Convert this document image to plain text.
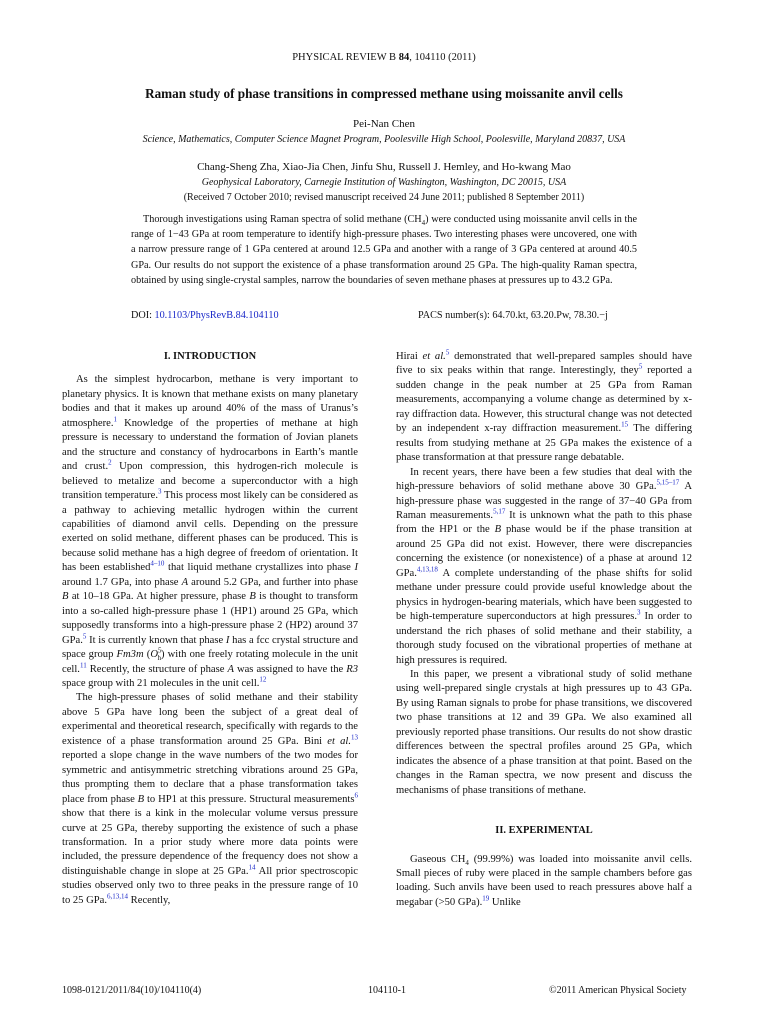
PHYSICAL REVIEW B 84, 104110 (2011)
Raman study of phase transitions in compressed methane using moissanite anvil cells
Pei-Nan Chen
Science, Mathematics, Computer Science Magnet Program, Poolesville High School, Poolesville, Maryland 20837, USA
Chang-Sheng Zha, Xiao-Jia Chen, Jinfu Shu, Russell J. Hemley, and Ho-kwang Mao
Geophysical Laboratory, Carnegie Institution of Washington, Washington, DC 20015, USA
(Received 7 October 2010; revised manuscript received 24 June 2011; published 8 September 2011)

Thorough investigations using Raman spectra of solid methane $(CH_4)$ were conducted using moissanite anvil cells in the range of 1−43 GPa at room temperature to identify high-pressure phases. Two interesting phases were uncovered, one with a narrow pressure range of 1 GPa centered at around 12.5 GPa and another with a range of 3 GPa centered at around 40.5 GPa. Our results do not support the existence of a phase transformation around 25 GPa. The high-quality Raman spectra, obtained by using single-crystal samples, narrow the boundaries of seven methane phases at pressures up to 43.2 GPa.

DOI: 10.1103/PhysRevB.84.104110	PACS number(s): 64.70.kt, 63.20.Pw, 78.30.−j

I. INTRODUCTION

As the simplest hydrocarbon, methane is very important to planetary physics. It is known that methane exists on many planetary bodies and that it makes up around 40% of the mass of Uranus’s atmosphere.$^1$ Knowledge of the properties of methane at high pressure is necessary to understand the formation of Jovian planets and the structure and constancy of hydrocarbons in Earth’s mantle and crust.$^2$ Upon compression, this hydrogen-rich molecule is believed to metalize and become a superconductor with a high transition temperature.$^3$ This process most likely can be considered as a pathway to achieving metallic hydrogen within the current capabilities of diamond anvil cells. Depending on the pressure exerted on solid methane, different phases can be produced. This is because solid methane has a high degree of freedom of orientation. It has been established$^{4-10}$ that liquid methane crystallizes into phase I around 1.7 GPa, into phase A around 5.2 GPa, and further into phase B at 10–18 GPa. At higher pressure, phase B is thought to transform into a so-called high-pressure phase 1 (HP1) around 25 GPa, which supposedly transforms into a high-pressure phase 2 (HP2) around 37 GPa.$^5$ It is currently known that phase I has a fcc crystal structure and space group Fm3m $(O^5_h)$ with one freely rotating molecule in the unit cell.$^{11}$ Recently, the structure of phase A was assigned to have the R3 space group with 21 molecules in the unit cell.$^{12}$

The high-pressure phases of solid methane and their stability above 5 GPa have long been the subject of a great deal of experimental and theoretical research, specifically with regards to the existence of a phase transformation around 25 GPa. Bini et al.$^{13}$ reported a slope change in the wave numbers of the two modes for symmetric and antisymmetric stretching vibrations around 25 GPa, thus prompting them to declare that a phase transformation takes place from phase B to HP1 at this pressure. Structural measurements$^6$ show that there is a kink in the molecular volume versus pressure curve at 25 GPa, thereby supporting the existence of such a phase transformation. In a prior study where more data points were included, the pressure dependence of the frequency does not show a distinguishable change in slope at 25 GPa.$^{14}$ All prior spectroscopic studies observed only two to three peaks in the pressure range of 10 to 25 GPa.$^{6,13,14}$ Recently,

Hirai et al.$^5$ demonstrated that well-prepared samples should have five to six peaks within that range. Interestingly, they$^5$ reported a sudden change in the peak number at 25 GPa from Raman measurements, accompanying a volume change as determined by x-ray diffraction data. However, this structural change was not detected by an independent x-ray diffraction measurement.$^{15}$ The differing results from studying methane at 25 GPa makes the existence of a phase transformation at that pressure range debatable.

In recent years, there have been a few studies that deal with the high-pressure behaviors of solid methane above 30 GPa.$^{5,15-17}$ A high-pressure phase was suggested in the range of 37−40 GPa from Raman measurements.$^{5,17}$ It is unknown what the path to this phase from the HP1 or the B phase would be if the phase transition at around 25 GPa did not exist. However, there were discrepancies concerning the existence (or nonexistence) of a phase at around 12 GPa.$^{4,13,18}$ A complete understanding of the phase shifts for solid methane under pressure could provide useful knowledge about the physics in hydrogen-bearing materials, which have been suggested to be high-temperature superconductors at high pressures.$^3$ In order to understand the rich phases of solid methane and their stability, a thorough study focused on the vibrational properties of methane at high pressures is required.

In this paper, we present a vibrational study of solid methane using well-prepared single crystals at high pressures up to 43 GPa. By using Raman signals to probe for phase transitions, we discovered two phase transitions at 12 and 39 GPa. We also examined all previously reported phase transitions. Our results do not show drastic differences between the spectral profiles around 25 GPa, which indicates the absence of a phase transition at that point. Based on the changes in the Raman spectra, we now present and discuss the mechanisms of phase transitions of methane.

II. EXPERIMENTAL

Gaseous $CH_4$ (99.99%) was loaded into moissanite anvil cells. Small pieces of ruby were placed in the sample chambers before gas loading. Such anvils have been used to reach pressures above half a megabar (>50 GPa).$^{19}$ Unlike

1098-0121/2011/84(10)/104110(4)	104110-1	©2011 American Physical Society
